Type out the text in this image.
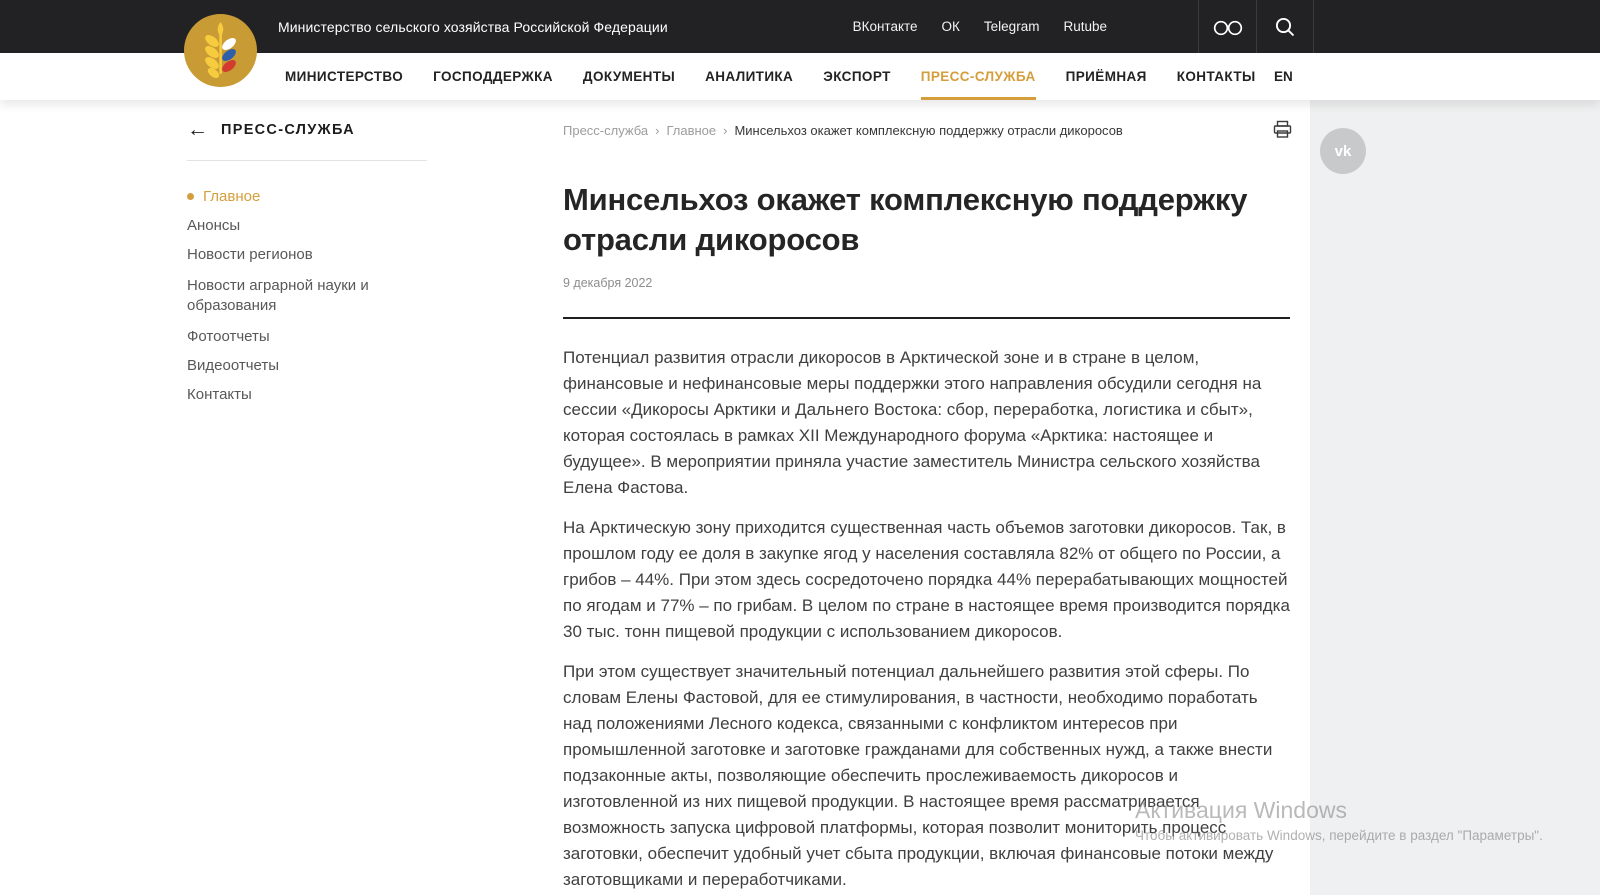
Министерство сельского хозяйства Российской Федерации	ВКонтакте ОК Telegram Rutube
МИНИСТЕРСТВО ГОСПОДДЕРЖКА ДОКУМЕНТЫ АНАЛИТИКА ЭКСПОРТ ПРЕСС-СЛУЖБА ПРИЁМНАЯ КОНТАКТЫ EN
vk
← ПРЕСС-СЛУЖБА
Главное
Анонсы
Новости регионов
Новости аграрной науки и образования
Фотоотчеты
Видеоотчеты
Контакты
Пресс-служба › Главное › Минсельхоз окажет комплексную поддержку отрасли дикоросов
Минсельхоз окажет комплексную поддержку отрасли дикоросов
9 декабря 2022

Потенциал развития отрасли дикоросов в Арктической зоне и в стране в целом, финансовые и нефинансовые меры поддержки этого направления обсудили сегодня на сессии «Дикоросы Арктики и Дальнего Востока: сбор, переработка, логистика и сбыт», которая состоялась в рамках XII Международного форума «Арктика: настоящее и будущее». В мероприятии приняла участие заместитель Министра сельского хозяйства Елена Фастова.

На Арктическую зону приходится существенная часть объемов заготовки дикоросов. Так, в прошлом году ее доля в закупке ягод у населения составляла 82% от общего по России, а грибов – 44%. При этом здесь сосредоточено порядка 44% перерабатывающих мощностей по ягодам и 77% – по грибам. В целом по стране в настоящее время производится порядка 30 тыс. тонн пищевой продукции с использованием дикоросов.

При этом существует значительный потенциал дальнейшего развития этой сферы. По словам Елены Фастовой, для ее стимулирования, в частности, необходимо поработать над положениями Лесного кодекса, связанными с конфликтом интересов при промышленной заготовке и заготовке гражданами для собственных нужд, а также внести подзаконные акты, позволяющие обеспечить прослеживаемость дикоросов и изготовленной из них пищевой продукции. В настоящее время рассматривается возможность запуска цифровой платформы, которая позволит мониторить процесс заготовки, обеспечит удобный учет сбыта продукции, включая финансовые потоки между заготовщиками и переработчиками.

Активация Windows
Чтобы активировать Windows, перейдите в раздел "Параметры".
